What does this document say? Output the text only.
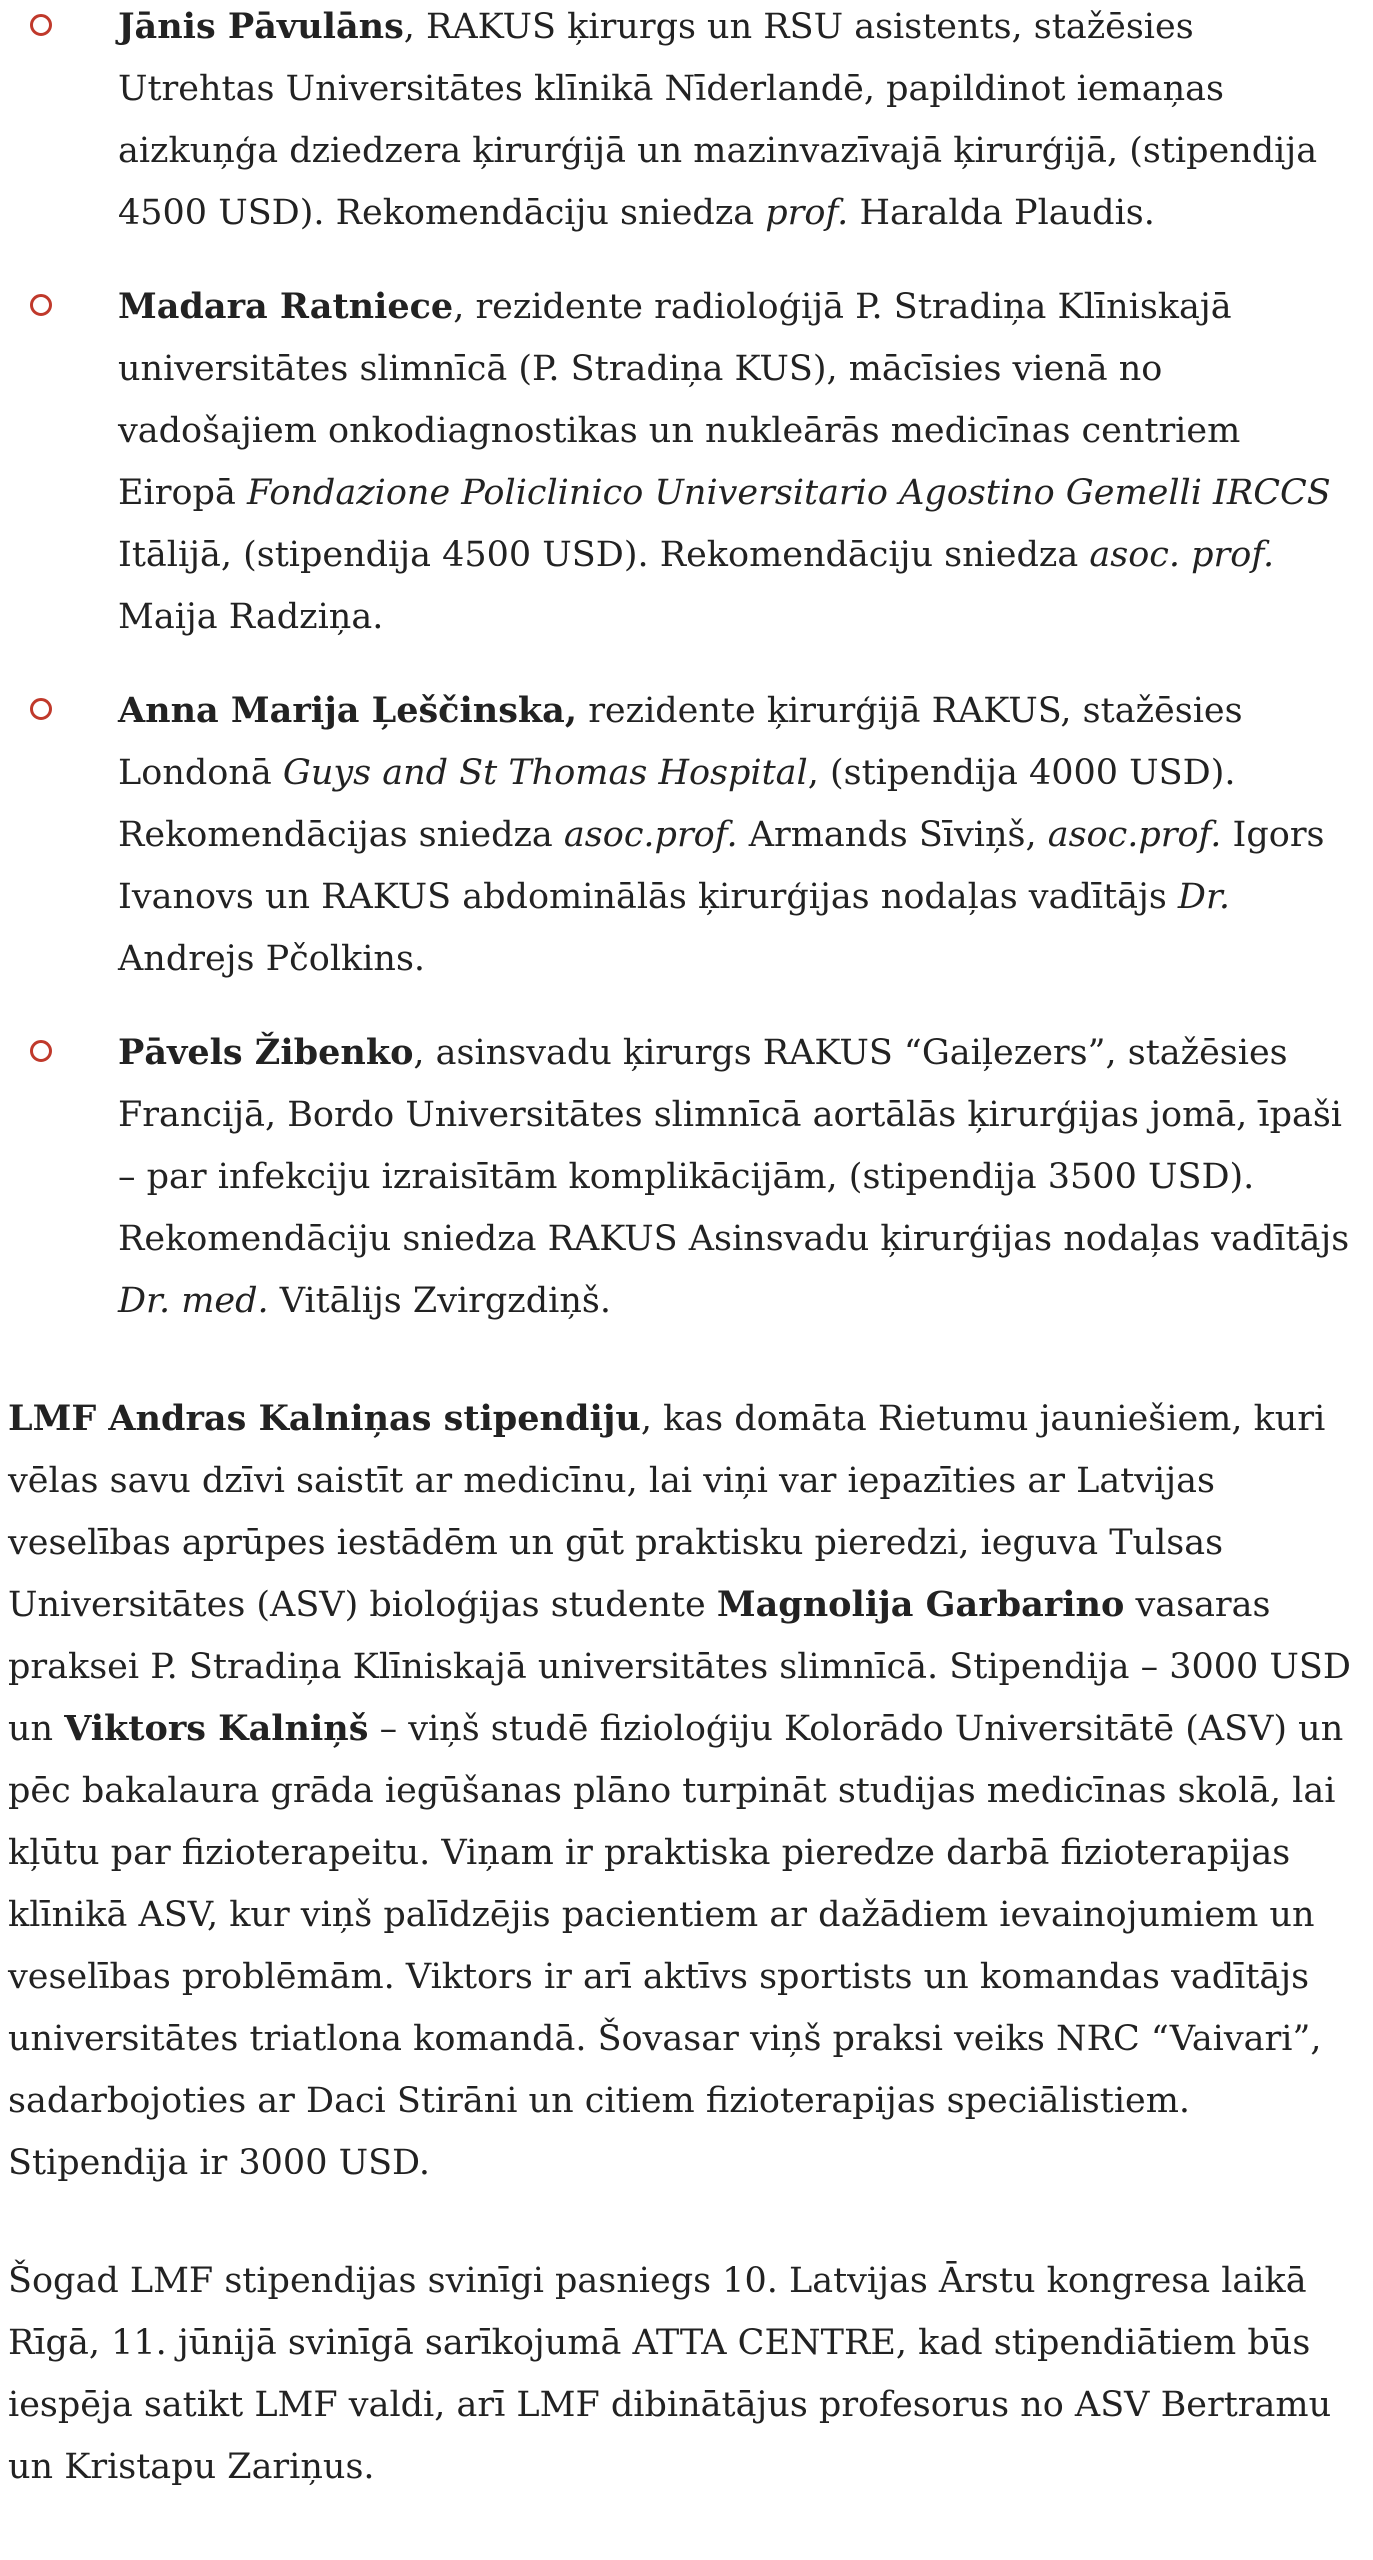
Jānis Pāvulāns, RAKUS ķirurgs un RSU asistents, stažēsies Utrehtas Universitātes klīnikā Nīderlandē, papildinot iemaņas aizkuņģa dziedzera ķirurģijā un mazinvazīvajā ķirurģijā, (stipendija 4500 USD). Rekomendāciju sniedza prof. Haralda Plaudis.
Madara Ratniece, rezidente radioloģijā P. Stradiņa Klīniskajā universitātes slimnīcā (P. Stradiņa KUS), mācīsies vienā no vadošajiem onkodiagnostikas un nukleārās medicīnas centriem Eiropā Fondazione Policlinico Universitario Agostino Gemelli IRCCS Itālijā, (stipendija 4500 USD). Rekomendāciju sniedza asoc. prof. Maija Radziņa.
Anna Marija Ļeščinska, rezidente ķirurģijā RAKUS, stažēsies Londonā Guys and St Thomas Hospital, (stipendija 4000 USD). Rekomendācijas sniedza asoc.prof. Armands Sīviņš, asoc.prof. Igors Ivanovs un RAKUS abdominālās ķirurģijas nodaļas vadītājs Dr. Andrejs Pčolkins.
Pāvels Žibenko, asinsvadu ķirurgs RAKUS “Gaiļezers”, stažēsies Francijā, Bordo Universitātes slimnīcā aortālās ķirurģijas jomā, īpaši – par infekciju izraisītām komplikācijām, (stipendija 3500 USD). Rekomendāciju sniedza RAKUS Asinsvadu ķirurģijas nodaļas vadītājs Dr. med. Vitālijs Zvirgzdiņš.

LMF Andras Kalniņas stipendiju, kas domāta Rietumu jauniešiem, kuri vēlas savu dzīvi saistīt ar medicīnu, lai viņi var iepazīties ar Latvijas veselības aprūpes iestādēm un gūt praktisku pieredzi, ieguva Tulsas Universitātes (ASV) bioloģijas studente Magnolija Garbarino vasaras praksei P. Stradiņa Klīniskajā universitātes slimnīcā. Stipendija – 3000 USD un Viktors Kalniņš – viņš studē fizioloģiju Kolorādo Universitātē (ASV) un pēc bakalaura grāda iegūšanas plāno turpināt studijas medicīnas skolā, lai kļūtu par fizioterapeitu. Viņam ir praktiska pieredze darbā fizioterapijas klīnikā ASV, kur viņš palīdzējis pacientiem ar dažādiem ievainojumiem un veselības problēmām. Viktors ir arī aktīvs sportists un komandas vadītājs universitātes triatlona komandā. Šovasar viņš praksi veiks NRC “Vaivari”, sadarbojoties ar Daci Stirāni un citiem fizioterapijas speciālistiem. Stipendija ir 3000 USD.

Šogad LMF stipendijas svinīgi pasniegs 10. Latvijas Ārstu kongresa laikā Rīgā, 11. jūnijā svinīgā sarīkojumā ATTA CENTRE, kad stipendiātiem būs iespēja satikt LMF valdi, arī LMF dibinātājus profesorus no ASV Bertramu un Kristapu Zariņus.
